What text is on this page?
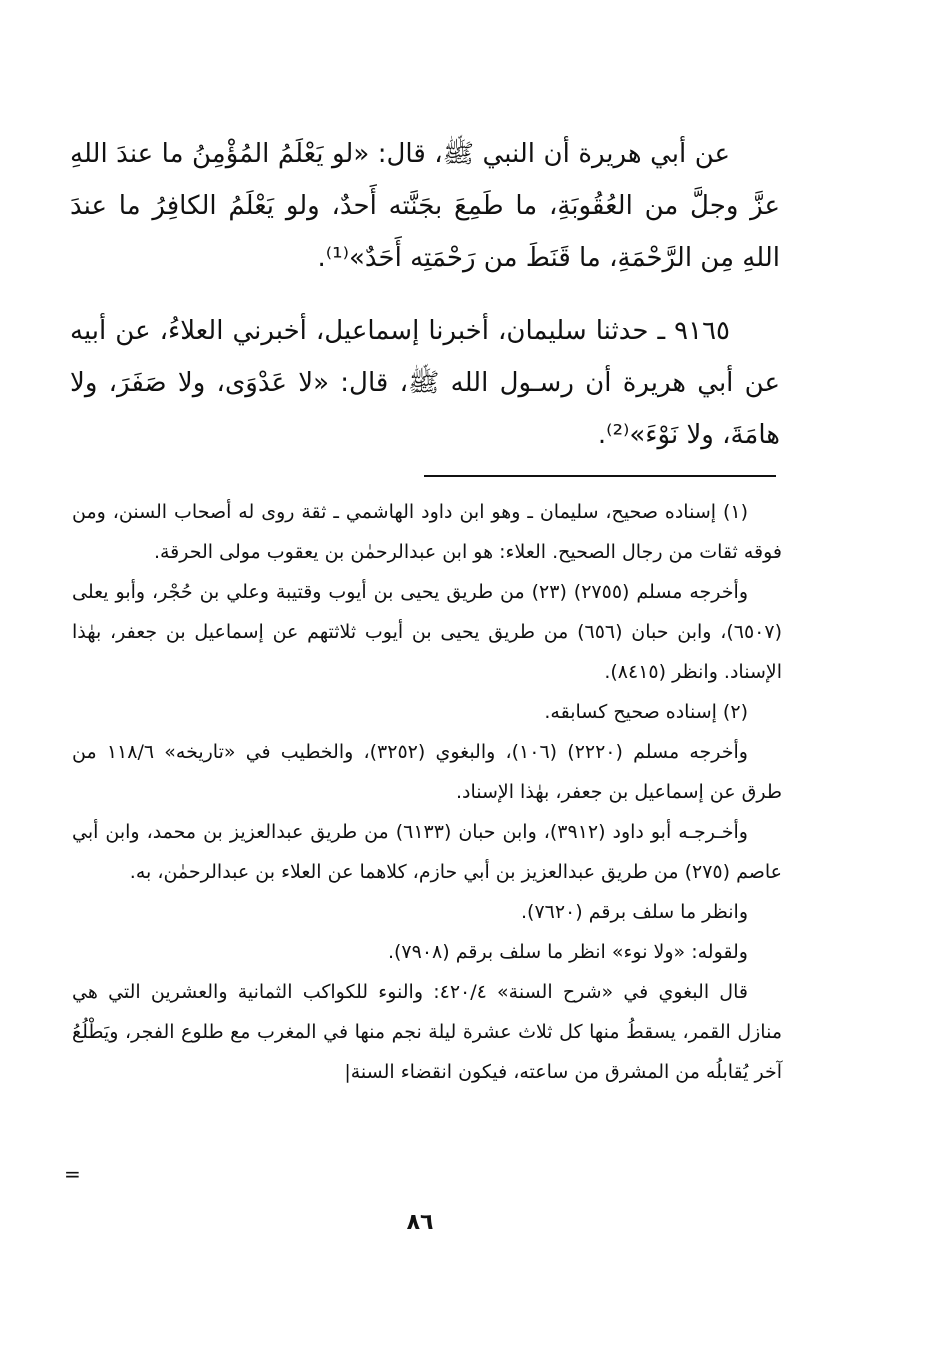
عن أبي هريرة أن النبي ﷺ، قال: «لو يَعْلَمُ المُؤْمِنُ ما عندَ اللهِ عزَّ وجلَّ من العُقُوبَةِ، ما طَمِعَ بجَنَّته أَحدٌ، ولو يَعْلَمُ الكافِرُ ما عندَ اللهِ مِن الرَّحْمَةِ، ما قَنَطَ من رَحْمَتِه أَحَدٌ»⁽¹⁾.

٩١٦٥ ـ حدثنا سليمان، أخبرنا إسماعيل، أخبرني العلاءُ، عن أبيه عن أبي هريرة أن رسـول الله ﷺ، قال: «لا عَدْوَى، ولا صَفَرَ، ولا هامَةَ، ولا نَوْءَ»⁽²⁾.

(١) إسناده صحيح، سليمان ـ وهو ابن داود الهاشمي ـ ثقة روى له أصحاب السنن، ومن فوقه ثقات من رجال الصحيح. العلاء: هو ابن عبدالرحمٰن بن يعقوب مولى الحرقة.

وأخرجه مسلم (٢٧٥٥) (٢٣) من طريق يحيى بن أيوب وقتيبة وعلي بن حُجْر، وأبو يعلى (٦٥٠٧)، وابن حبان (٦٥٦) من طريق يحيى بن أيوب ثلاثتهم عن إسماعيل بن جعفر، بهٰذا الإسناد. وانظر (٨٤١٥).

(٢) إسناده صحيح كسابقه.

وأخرجه مسلم (٢٢٢٠) (١٠٦)، والبغوي (٣٢٥٢)، والخطيب في «تاريخه» ١١٨/٦ من طرق عن إسماعيل بن جعفر، بهٰذا الإسناد.

وأخـرجـه أبو داود (٣٩١٢)، وابن حبان (٦١٣٣) من طريق عبدالعزيز بن محمد، وابن أبي عاصم (٢٧٥) من طريق عبدالعزيز بن أبي حازم، كلاهما عن العلاء بن عبدالرحمٰن، به.

وانظر ما سلف برقم (٧٦٢٠).

ولقوله: «ولا نوء» انظر ما سلف برقم (٧٩٠٨).

قال البغوي في «شرح السنة» ٤٢٠/٤: والنوء للكواكب الثمانية والعشرين التي هي منازل القمر، يسقطُ منها كل ثلاث عشرة ليلة نجم منها في المغرب مع طلوع الفجر، ويَطْلُعُ آخر يُقابلُه من المشرق من ساعته، فيكون انقضاء السنة|

=
٨٦
